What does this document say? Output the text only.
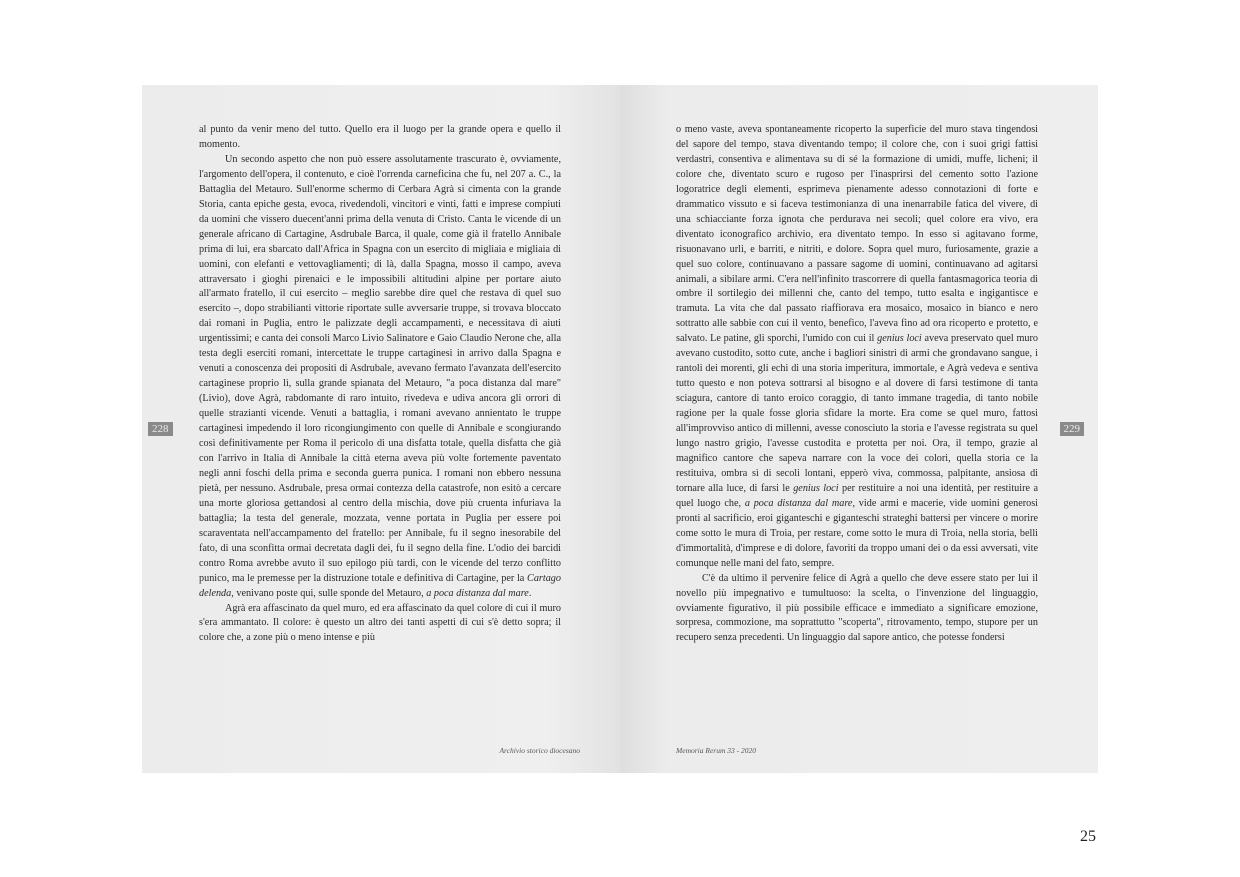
228

al punto da venir meno del tutto. Quello era il luogo per la grande opera e quello il momento.

Un secondo aspetto che non può essere assolutamente trascurato è, ovviamente, l'argomento dell'opera, il contenuto, e cioè l'orrenda carneficina che fu, nel 207 a. C., la Battaglia del Metauro. Sull'enorme schermo di Cerbara Agrà si cimenta con la grande Storia, canta epiche gesta, evoca, rivedendoli, vincitori e vinti, fatti e imprese compiuti da uomini che vissero duecent'anni prima della venuta di Cristo. Canta le vicende di un generale africano di Cartagine, Asdrubale Barca, il quale, come già il fratello Annibale prima di lui, era sbarcato dall'Africa in Spagna con un esercito di migliaia e migliaia di uomini, con elefanti e vettovagliamenti; di là, dalla Spagna, mosso il campo, aveva attraversato i gioghi pirenaici e le impossibili altitudini alpine per portare aiuto all'armato fratello, il cui esercito – meglio sarebbe dire quel che restava di quel suo esercito –, dopo strabilianti vittorie riportate sulle avversarie truppe, si trovava bloccato dai romani in Puglia, entro le palizzate degli accampamenti, e necessitava di aiuti urgentissimi; e canta dei consoli Marco Livio Salinatore e Gaio Claudio Nerone che, alla testa degli eserciti romani, intercettate le truppe cartaginesi in arrivo dalla Spagna e venuti a conoscenza dei propositi di Asdrubale, avevano fermato l'avanzata dell'esercito cartaginese proprio lì, sulla grande spianata del Metauro, "a poca distanza dal mare" (Livio), dove Agrà, rabdomante di raro intuito, rivedeva e udiva ancora gli orrori di quelle strazianti vicende. Venuti a battaglia, i romani avevano annientato le truppe cartaginesi impedendo il loro ricongiungimento con quelle di Annibale e scongiurando così definitivamente per Roma il pericolo di una disfatta totale, quella disfatta che già con l'arrivo in Italia di Annibale la città eterna aveva più volte fortemente paventato negli anni foschi della prima e seconda guerra punica. I romani non ebbero nessuna pietà, per nessuno. Asdrubale, presa ormai contezza della catastrofe, non esitò a cercare una morte gloriosa gettandosi al centro della mischia, dove più cruenta infuriava la battaglia; la testa del generale, mozzata, venne portata in Puglia per essere poi scaraventata nell'accampamento del fratello: per Annibale, fu il segno inesorabile del fato, di una sconfitta ormai decretata dagli dei, fu il segno della fine. L'odio dei barcidi contro Roma avrebbe avuto il suo epilogo più tardi, con le vicende del terzo conflitto punico, ma le premesse per la distruzione totale e definitiva di Cartagine, per la Cartago delenda, venivano poste qui, sulle sponde del Metauro, a poca distanza dal mare.

Agrà era affascinato da quel muro, ed era affascinato da quel colore di cui il muro s'era ammantato. Il colore: è questo un altro dei tanti aspetti di cui s'è detto sopra; il colore che, a zone più o meno intense e più

Archivio storico diocesano
229

o meno vaste, aveva spontaneamente ricoperto la superficie del muro stava tingendosi del sapore del tempo, stava diventando tempo; il colore che, con i suoi grigi fattisi verdastri, consentiva e alimentava su di sé la formazione di umidi, muffe, licheni; il colore che, diventato scuro e rugoso per l'inasprirsi del cemento sotto l'azione logoratrice degli elementi, esprimeva pienamente adesso connotazioni di forte e drammatico vissuto e si faceva testimonianza di una inenarrabile fatica del vivere, di una schiacciante forza ignota che perdurava nei secoli; quel colore era vivo, era diventato iconografico archivio, era diventato tempo. In esso si agitavano forme, risuonavano urli, e barriti, e nitriti, e dolore. Sopra quel muro, furiosamente, grazie a quel suo colore, continuavano a passare sagome di uomini, continuavano ad agitarsi animali, a sibilare armi. C'era nell'infinito trascorrere di quella fantasmagorica teoria di ombre il sortilegio dei millenni che, canto del tempo, tutto esalta e ingigantisce e tramuta. La vita che dal passato riaffiorava era mosaico, mosaico in bianco e nero sottratto alle sabbie con cui il vento, benefico, l'aveva fino ad ora ricoperto e protetto, e salvato. Le patine, gli sporchi, l'umido con cui il genius loci aveva preservato quel muro avevano custodito, sotto cute, anche i bagliori sinistri di armi che grondavano sangue, i rantoli dei morenti, gli echi di una storia imperitura, immortale, e Agrà vedeva e sentiva tutto questo e non poteva sottrarsi al bisogno e al dovere di farsi testimone di tanta sciagura, cantore di tanto eroico coraggio, di tanto immane tragedia, di tanto nobile ragione per la quale fosse gloria sfidare la morte. Era come se quel muro, fattosi all'improvviso antico di millenni, avesse conosciuto la storia e l'avesse registrata su quel lungo nastro grigio, l'avesse custodita e protetta per noi. Ora, il tempo, grazie al magnifico cantore che sapeva narrare con la voce dei colori, quella storia ce la restituiva, ombra sì di secoli lontani, epperò viva, commossa, palpitante, ansiosa di tornare alla luce, di farsi le genius loci per restituire a noi una identità, per restituire a quel luogo che, a poca distanza dal mare, vide armi e macerie, vide uomini generosi pronti al sacrificio, eroi giganteschi e giganteschi strateghi battersi per vincere o morire come sotto le mura di Troia, per restare, come sotto le mura di Troia, nella storia, belli d'immortalità, d'imprese e di dolore, favoriti da troppo umani dei o da essi avversati, vite comunque nelle mani del fato, sempre.

C'è da ultimo il pervenire felice di Agrà a quello che deve essere stato per lui il novello più impegnativo e tumultuoso: la scelta, o l'invenzione del linguaggio, ovviamente figurativo, il più possibile efficace e immediato a significare emozione, sorpresa, commozione, ma soprattutto "scoperta", ritrovamento, tempo, stupore per un recupero senza precedenti. Un linguaggio dal sapore antico, che potesse fondersi

Memoria Rerum 33 - 2020
25
